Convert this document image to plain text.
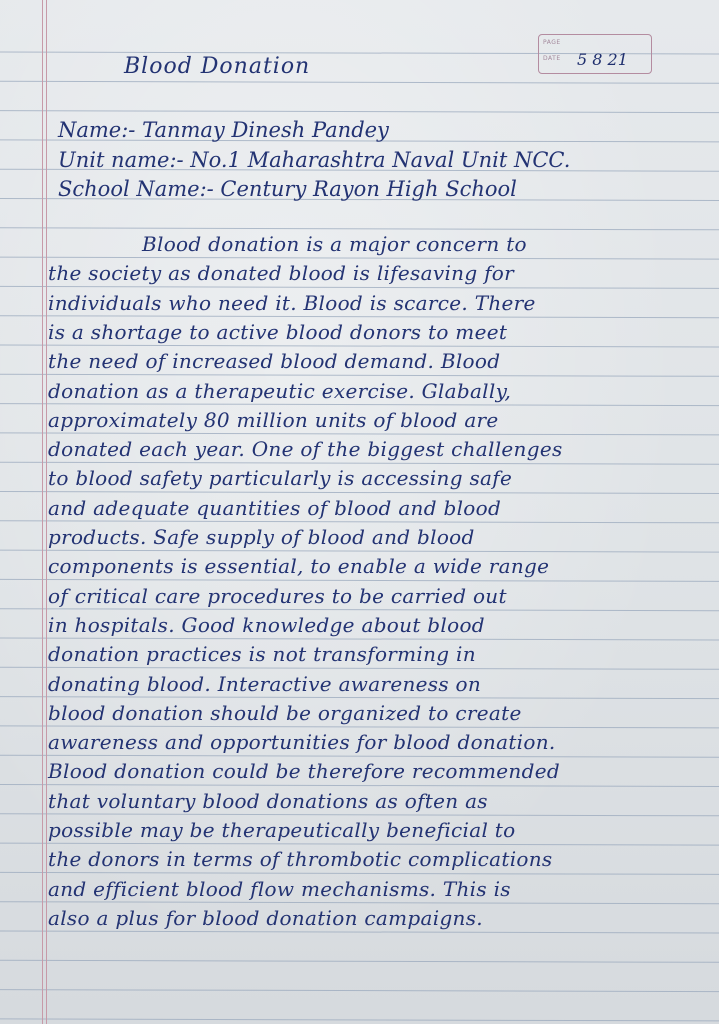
PAGE
DATE 5 8 21
Blood Donation
Name:- Tanmay Dinesh Pandey
Unit name:- No.1 Maharashtra Naval Unit NCC.
School Name:- Century Rayon High School
Blood donation is a major concern to
the society as donated blood is lifesaving for
individuals who need it. Blood is scarce. There
is a shortage to active blood donors to meet
the need of increased blood demand. Blood
donation as a therapeutic exercise. Glabally,
approximately 80 million units of blood are
donated each year. One of the biggest challenges
to blood safety particularly is accessing safe
and adequate quantities of blood and blood
products. Safe supply of blood and blood
components is essential, to enable a wide range
of critical care procedures to be carried out
in hospitals. Good knowledge about blood
donation practices is not transforming in
donating blood. Interactive awareness on
blood donation should be organized to create
awareness and opportunities for blood donation.
Blood donation could be therefore recommended
that voluntary blood donations as often as
possible may be therapeutically beneficial to
the donors in terms of thrombotic complications
and efficient blood flow mechanisms. This is
also a plus for blood donation campaigns.
